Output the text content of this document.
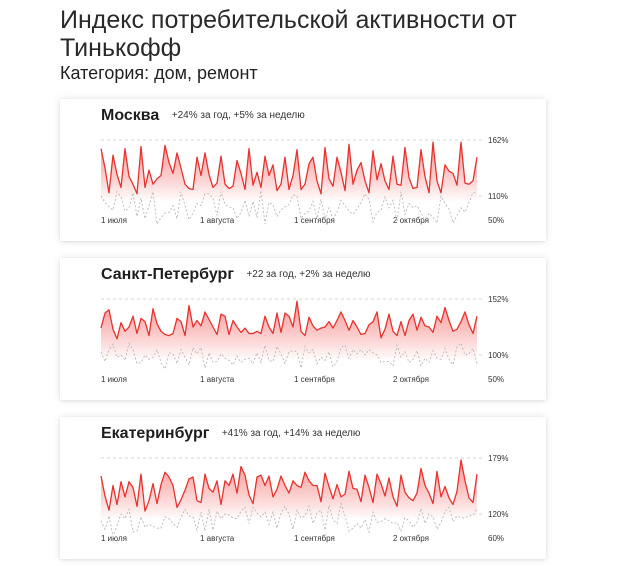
Индекс потребительской активности от Тинькофф
Категория: дом, ремонт
Москва +24% за год, +5% за неделю
162%
110%
50%
1 июля	1 августа	1 сентября	2 октября
Санкт-Петербург +22 за год, +2% за неделю
152%
100%
50%
1 июля	1 августа	1 сентября	2 октября
Екатеринбург +41% за год, +14% за неделю
179%
120%
60%
1 июля	1 августа	1 сентября	2 октября
